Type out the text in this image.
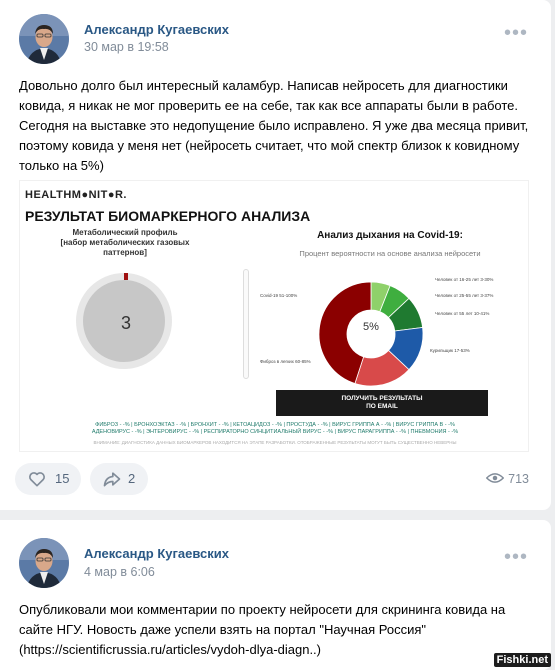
Александр Кугаевских
30 мар в 19:58
•••
Довольно долго был интересный каламбур. Написав нейросеть для диагностики ковида, я никак не мог проверить ее на себе, так как все аппараты были в работе. Сегодня на выставке это недопущение было исправлено. Я уже два месяца привит, поэтому ковида у меня нет (нейросеть считает, что мой спектр близок к ковидному только на 5%)
HEALTHM●NIT●R.
РЕЗУЛЬТАТ БИОМАРКЕРНОГО АНАЛИЗА
Метаболический профиль
[набор метаболических газовых паттернов]
3
Анализ дыхания на Covid-19:
Процент вероятности на основе анализа нейросети
5%
Covid-19 51-100%
Фиброз в легких 60-85%
Человек от 16-25 лет 3-30%
Человек от 25-55 лет 3-37%
Человек от 55 лет 10-41%
Курильщик 17-53%
ПОЛУЧИТЬ РЕЗУЛЬТАТЫ
ПО EMAIL
ФИБРОЗ - -% | БРОНХОЭКТАЗ - -% | БРОНХИТ - -% | КЕТОАЦИДОЗ - -% | ПРОСТУДА - -% | ВИРУС ГРИППА А - -% | ВИРУС ГРИППА В - -%
АДЕНОВИРУС - -% | ЭНТЕРОВИРУС - -% | РЕСПИРАТОРНО СИНЦИТИАЛЬНЫЙ ВИРУС - -% | ВИРУС ПАРАГРИППА - -% | ПНЕВМОНИЯ - -%
ВНИМАНИЕ: ДИАГНОСТИКА ДАННЫХ БИОМАРКЕРОВ НАХОДИТСЯ НА ЭТАПЕ РАЗРАБОТКИ. ОТОБРАЖЕННЫЕ РЕЗУЛЬТАТЫ МОГУТ БЫТЬ СУЩЕСТВЕННО НЕВЕРНЫ
15	2	713
Александр Кугаевских
4 мар в 6:06
•••
Опубликовали мои комментарии по проекту нейросети для скрининга ковида на сайте НГУ. Новость даже успели взять на портал "Научная Россия" (https://scientificrussia.ru/articles/vydoh-dlya-diagn..)
Fishki.net
